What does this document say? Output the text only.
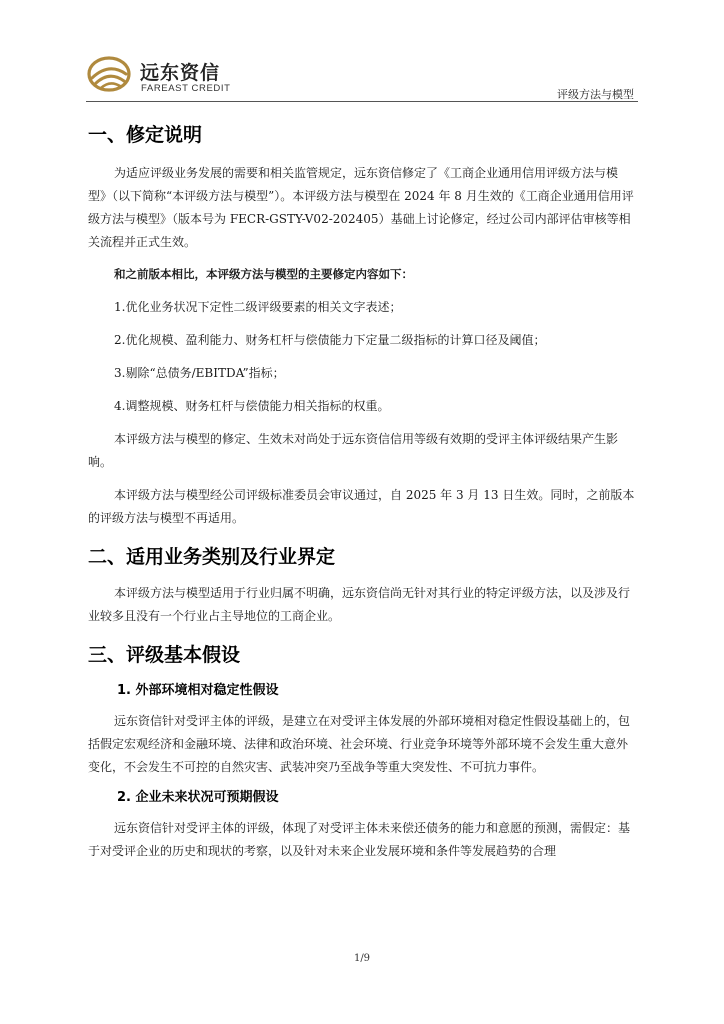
远东资信
FAREAST CREDIT	评级方法与模型
一、修定说明

为适应评级业务发展的需要和相关监管规定，远东资信修定了《工商企业通用信用评级方法与模型》（以下简称“本评级方法与模型”）。本评级方法与模型在 2024 年 8 月生效的《工商企业通用信用评级方法与模型》（版本号为 FECR-GSTY-V02-202405）基础上讨论修定，经过公司内部评估审核等相关流程并正式生效。

和之前版本相比，本评级方法与模型的主要修定内容如下：

1.优化业务状况下定性二级评级要素的相关文字表述；

2.优化规模、盈利能力、财务杠杆与偿债能力下定量二级指标的计算口径及阈值；

3.剔除“总债务/EBITDA”指标；

4.调整规模、财务杠杆与偿债能力相关指标的权重。

本评级方法与模型的修定、生效未对尚处于远东资信信用等级有效期的受评主体评级结果产生影响。

本评级方法与模型经公司评级标准委员会审议通过，自 2025 年 3 月 13 日生效。同时，之前版本的评级方法与模型不再适用。

二、适用业务类别及行业界定

本评级方法与模型适用于行业归属不明确，远东资信尚无针对其行业的特定评级方法，以及涉及行业较多且没有一个行业占主导地位的工商企业。

三、评级基本假设
1. 外部环境相对稳定性假设

远东资信针对受评主体的评级，是建立在对受评主体发展的外部环境相对稳定性假设基础上的，包括假定宏观经济和金融环境、法律和政治环境、社会环境、行业竞争环境等外部环境不会发生重大意外变化，不会发生不可控的自然灾害、武装冲突乃至战争等重大突发性、不可抗力事件。

2. 企业未来状况可预期假设

远东资信针对受评主体的评级，体现了对受评主体未来偿还债务的能力和意愿的预测，需假定：基于对受评企业的历史和现状的考察，以及针对未来企业发展环境和条件等发展趋势的合理

1/9
